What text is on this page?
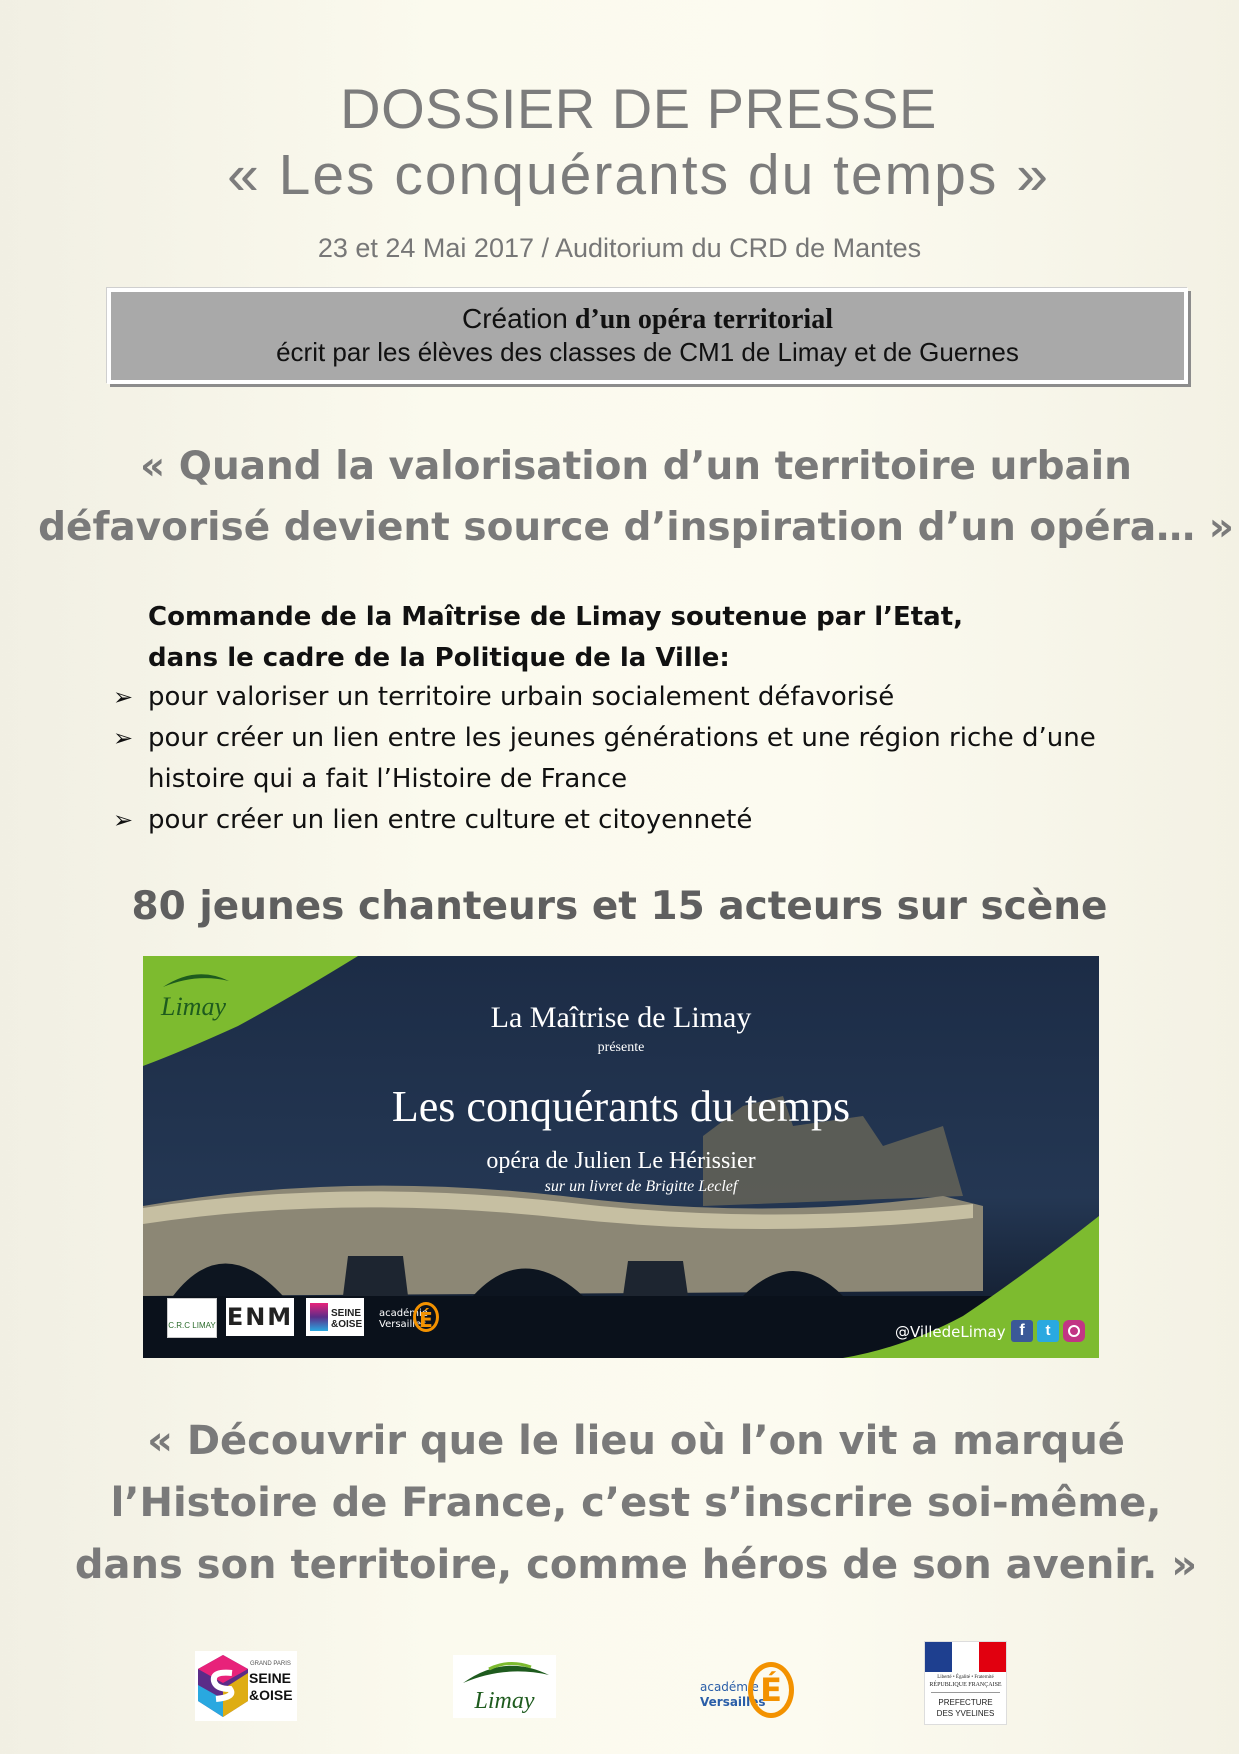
DOSSIER DE PRESSE
« Les conquérants du temps »
23 et 24 Mai 2017 / Auditorium du CRD de Mantes
Création d’un opéra territorial
écrit par les élèves des classes de CM1 de Limay et de Guernes
« Quand la valorisation d’un territoire urbain
défavorisé devient source d’inspiration d’un opéra… »
Commande de la Maîtrise de Limay soutenue par l’Etat,
dans le cadre de la Politique de la Ville:
➢ pour valoriser un territoire urbain socialement défavorisé
➢ pour créer un lien entre les jeunes générations et une région riche d’une
histoire qui a fait l’Histoire de France
➢ pour créer un lien entre culture et citoyenneté
80 jeunes chanteurs et 15 acteurs sur scène
Limay	La Maîtrise de Limay
présente
Les conquérants du temps
opéra de Julien Le Hérissier
sur un livret de Brigitte Leclef
C.R.C LIMAY ENM	SEINE
&OISE
académie
Versailles
É	@VilledeLimay f	t
« Découvrir que le lieu où l’on vit a marqué
l’Histoire de France, c’est s’inscrire soi-même,
dans son territoire, comme héros de son avenir. »
GRAND PARIS
SEINE
&OISE	Limay
académie
Versailles
É	Liberté • Égalité • Fraternité
RÉPUBLIQUE FRANÇAISE
PREFECTURE
DES YVELINES
